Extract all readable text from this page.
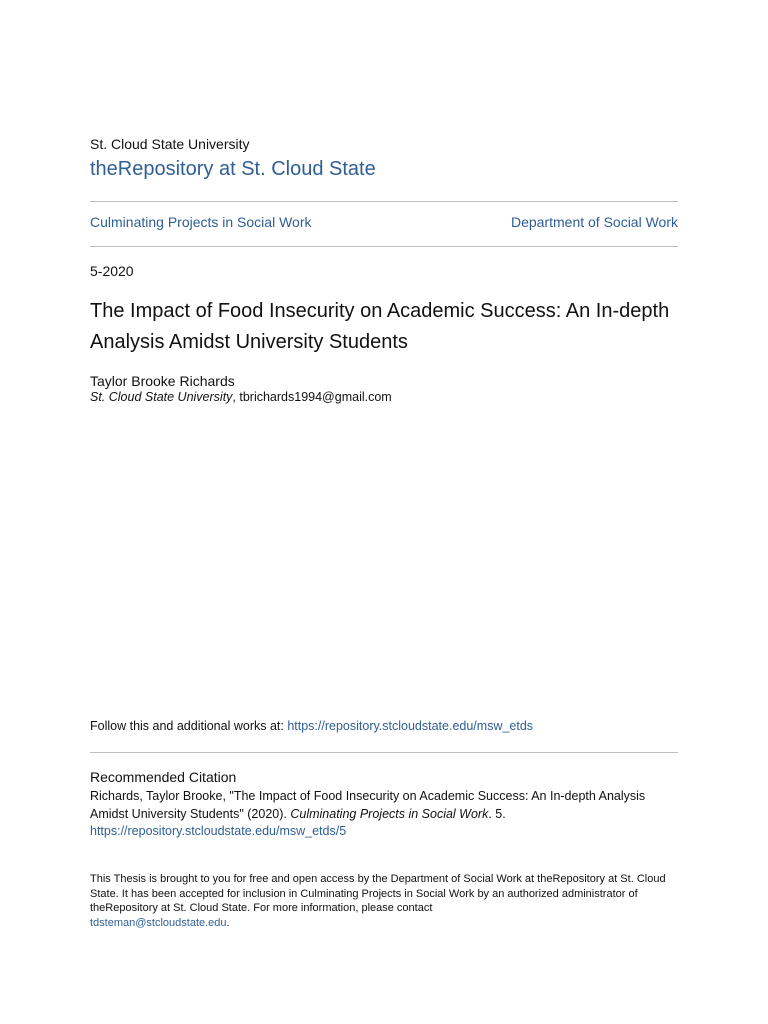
St. Cloud State University
theRepository at St. Cloud State
Culminating Projects in Social Work	Department of Social Work
5-2020
The Impact of Food Insecurity on Academic Success: An In-depth Analysis Amidst University Students
Taylor Brooke Richards
St. Cloud State University, tbrichards1994@gmail.com
Follow this and additional works at: https://repository.stcloudstate.edu/msw_etds
Recommended Citation
Richards, Taylor Brooke, "The Impact of Food Insecurity on Academic Success: An In-depth Analysis Amidst University Students" (2020). Culminating Projects in Social Work. 5.
https://repository.stcloudstate.edu/msw_etds/5
This Thesis is brought to you for free and open access by the Department of Social Work at theRepository at St. Cloud State. It has been accepted for inclusion in Culminating Projects in Social Work by an authorized administrator of theRepository at St. Cloud State. For more information, please contact
tdsteman@stcloudstate.edu.
